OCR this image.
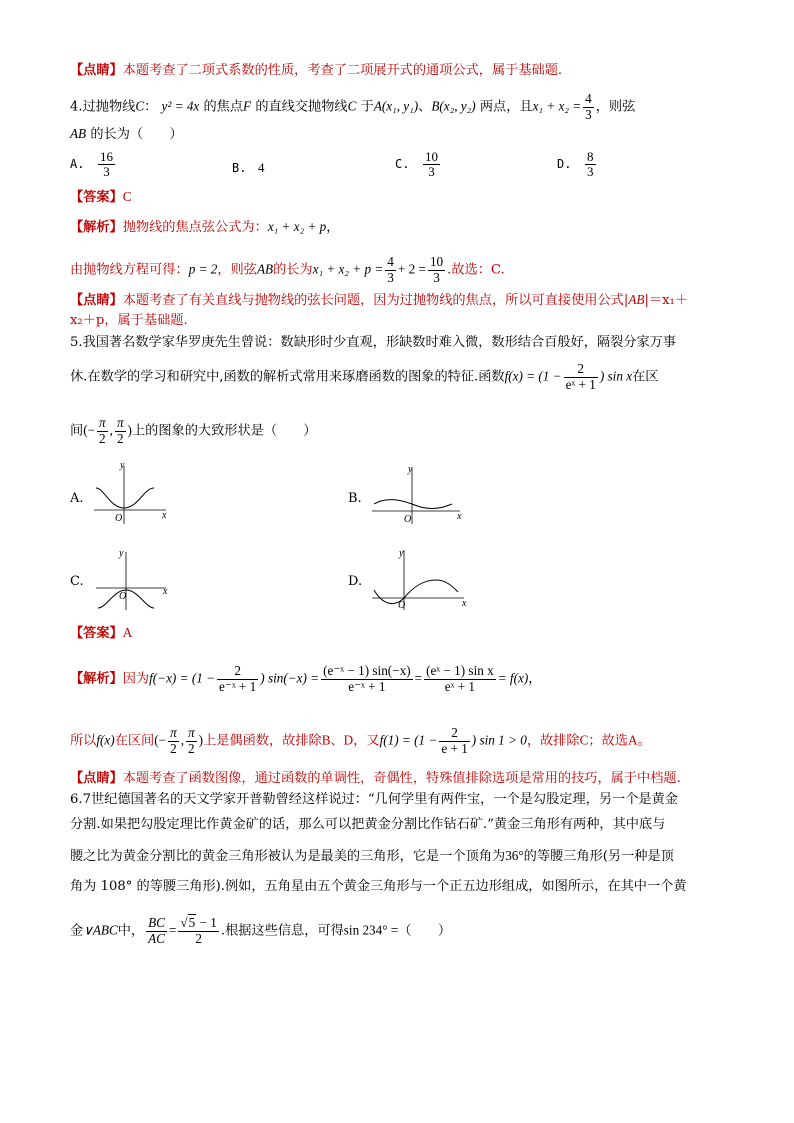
【点睛】本题考查了二项式系数的性质，考查了二项展开式的通项公式，属于基础题.
4.过抛物线C： y² = 4x 的焦点F 的直线交抛物线C 于A(x₁, y₁)、B(x₂, y₂) 两点，且$x_1 + x_2 = \frac{4}{3}$ ，则弦
AB 的长为（　　）
A. $\frac{16}{3}$	B. 4	C. $\frac{10}{3}$	D. $\frac{8}{3}$
【答案】C
【解析】抛物线的焦点弦公式为：x₁ + x₂ + p，
由抛物线方程可得：p = 2，则弦AB的长为$x_1 + x_2 + p = \frac{4}{3} + 2 = \frac{10}{3}$ .故选：C.
【点睛】本题考查了有关直线与抛物线的弦长问题，因为过抛物线的焦点，所以可直接使用公式|AB|＝x₁＋
x₂＋p，属于基础题.
5.我国著名数学家华罗庚先生曾说：数缺形时少直观，形缺数时难入微，数形结合百般好，隔裂分家万事
休.在数学的学习和研究中,函数的解析式常用来琢磨函数的图象的特征.函数$f(x) = (1 - \frac{2}{\text{eˣ + 1}}$ ) sin x在区
间(− $\frac{\pi}{2}$ , $\frac{\pi}{2}$ )上的图象的大致形状是（　　）
A.
x
y
O
B.
x
y
O
C.
x
y
O
D.
x
y
O
【答案】A
【解析】因为$f(-x) = (1 - \frac{2}{\text{e⁻ˣ + 1}}$ ) $\sin(-x) = \frac{\text{(e⁻ˣ − 1) sin(−x)}}{\text{e⁻ˣ + 1}} = \frac{\text{(eˣ − 1) sin x}}{\text{eˣ + 1}} = f(x)$，
所以f(x)在区间(− $\frac{\pi}{2}$ , $\frac{\pi}{2}$ )上是偶函数，故排除B、D，又$f(1) = (1 - \frac{2}{e + 1}$ ) sin 1 > 0，故排除C；故选A。
【点睛】本题考查了函数图像，通过函数的单调性，奇偶性，特殊值排除选项是常用的技巧，属于中档题.
6.7世纪德国著名的天文学家开普勒曾经这样说过：“几何学里有两件宝，一个是勾股定理，另一个是黄金
分割.如果把勾股定理比作黄金矿的话，那么可以把黄金分割比作钻石矿.”黄金三角形有两种，其中底与
腰之比为黄金分割比的黄金三角形被认为是最美的三角形，它是一个顶角为36°的等腰三角形(另一种是顶
角为 108° 的等腰三角形).例如，五角星由五个黄金三角形与一个正五边形组成，如图所示，在其中一个黄
金∨ABC中， $\frac{BC}{AC} = \frac{√5 - 1}{2}$ .根据这些信息，可得sin 234° =（　　）
